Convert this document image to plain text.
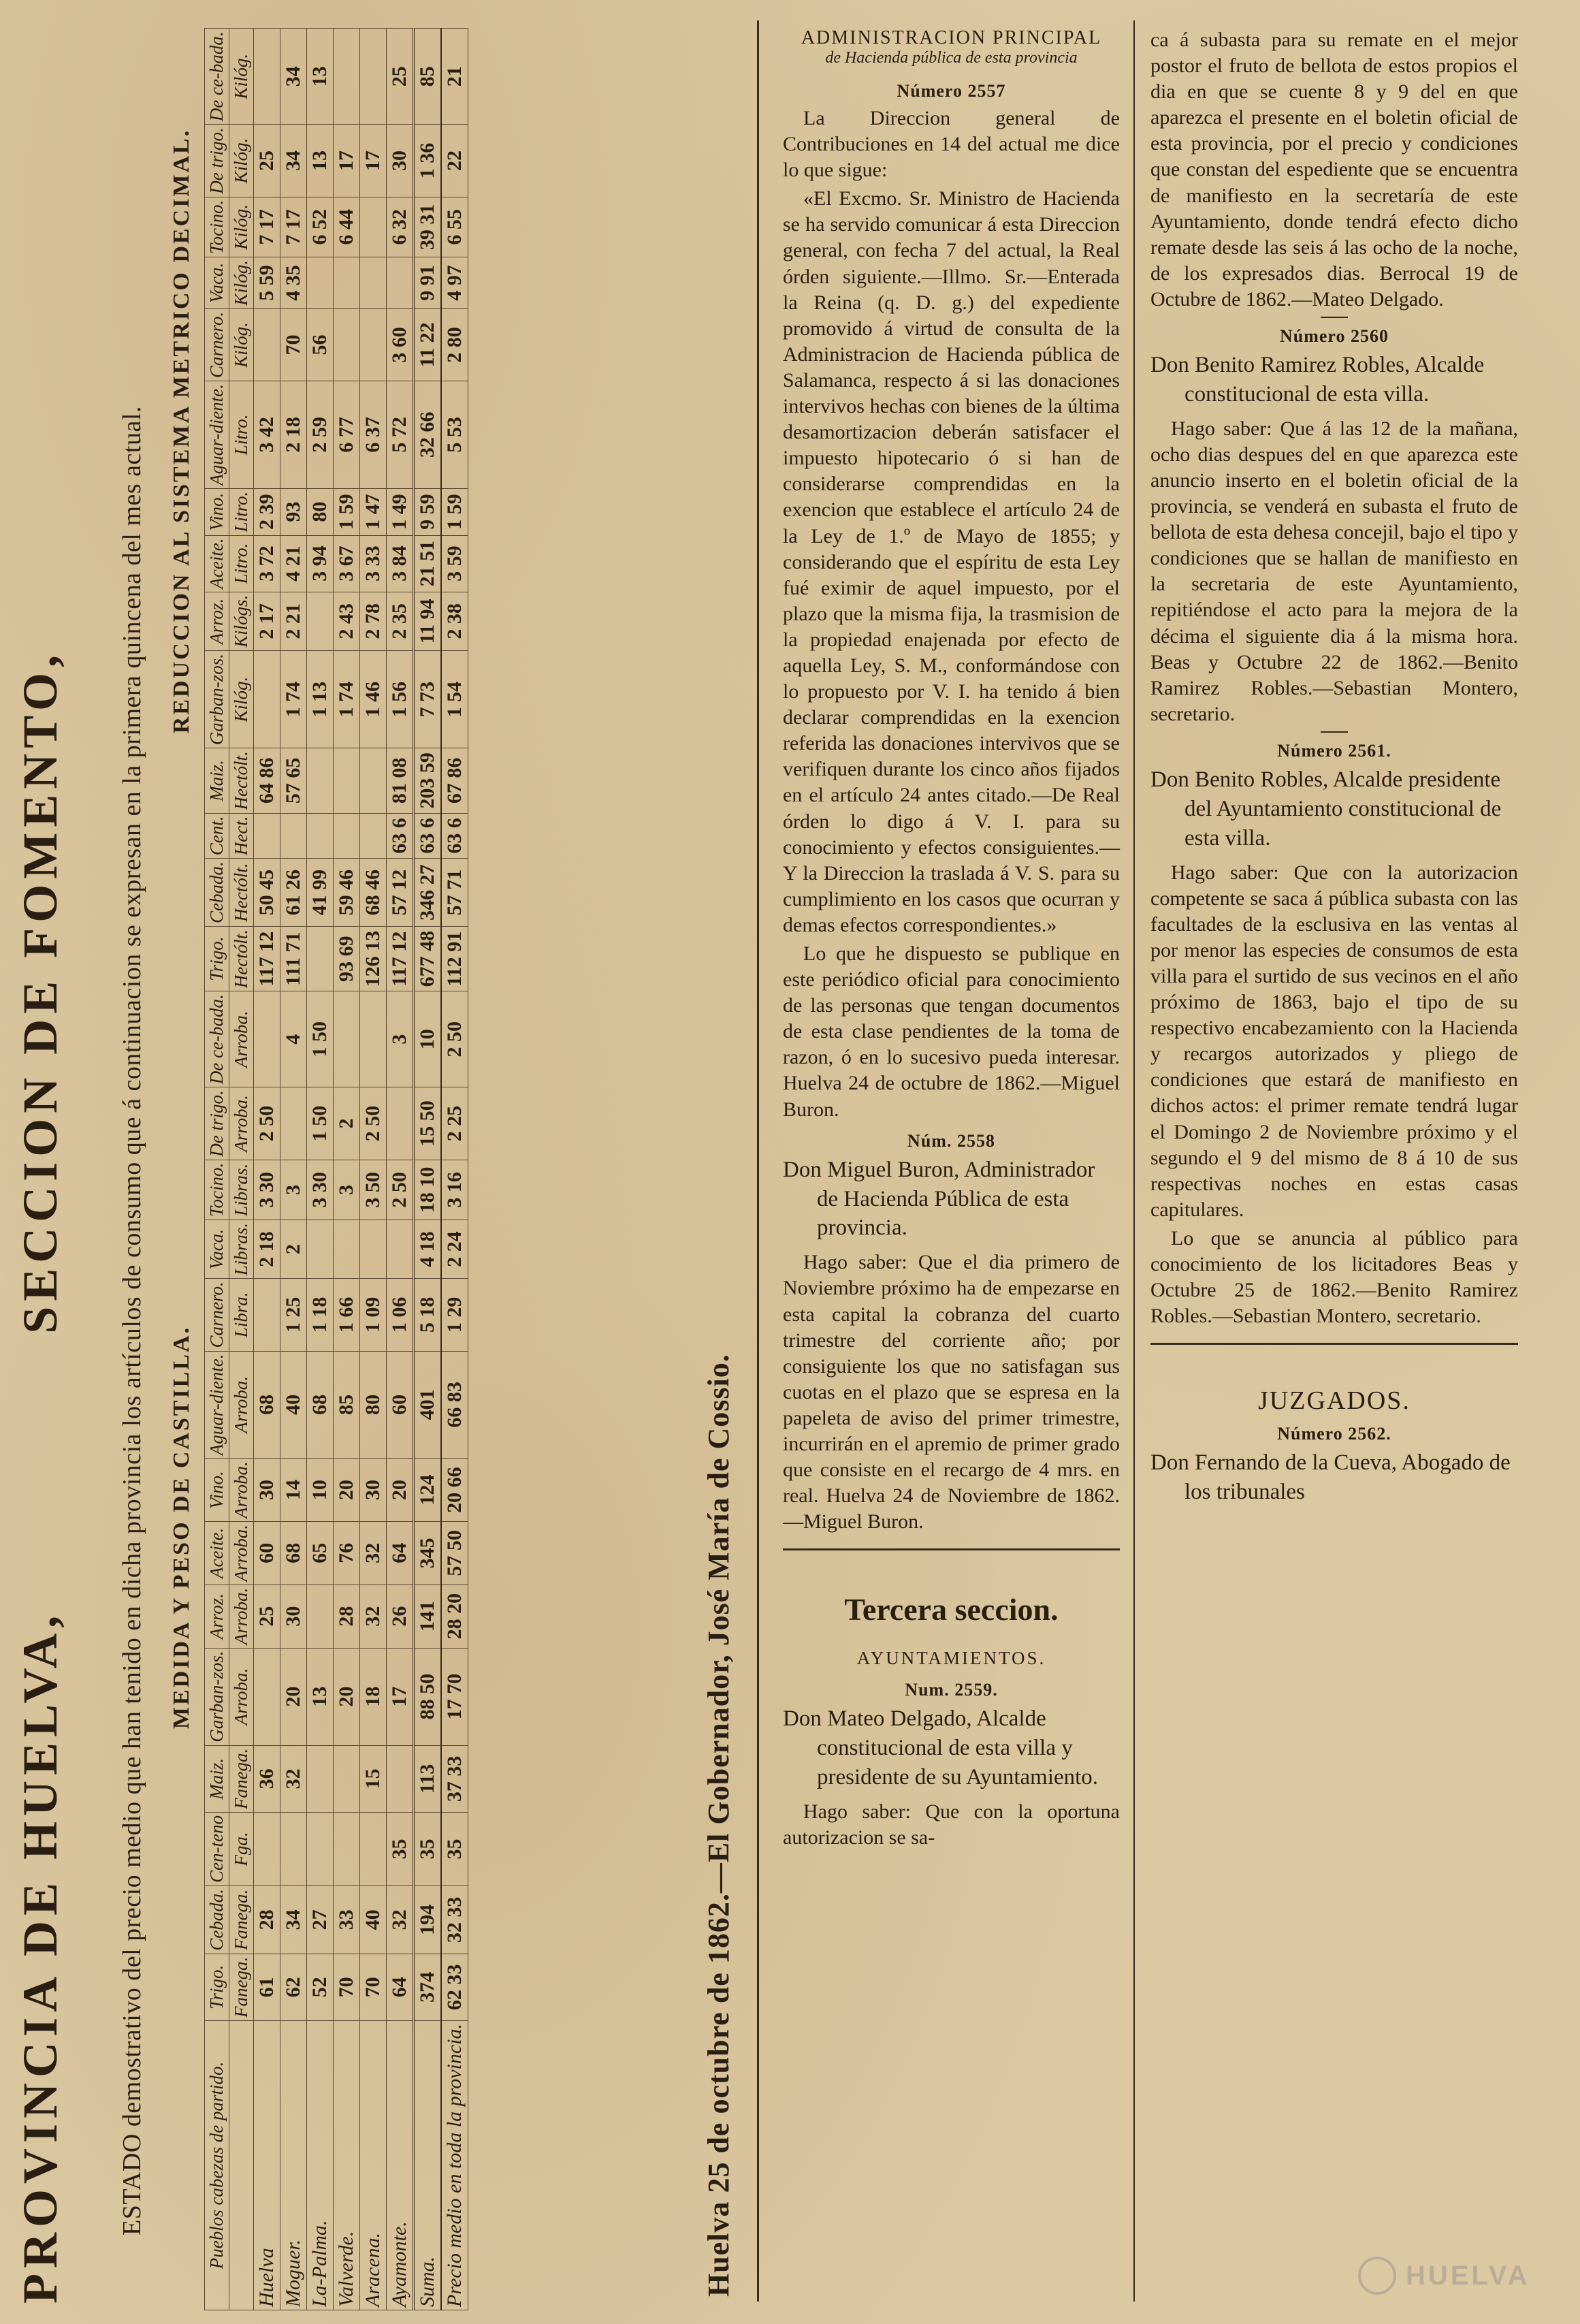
PROVINCIA DE HUELVA, SECCION DE FOMENTO, ESTADO demostrativo del precio medio que han tenido en dicha provincia los artículos de consumo que á continuacion se expresan en la primera quincena del mes actual. MEDIDA Y PESO DE CASTILLA.
REDUCCION AL SISTEMA METRICO DECIMAL.
Pueblos cabezas de partido.	Trigo.	Cebada.	Cen-teno	Maiz.	Garban-zos.	Arroz.	Aceite.	Vino.	Aguar-diente.	Carnero.	Vaca.	Tocino.	De trigo.	De ce-bada.	Trigo.	Cebada.	Cent.	Maiz.	Garban-zos.	Arroz.	Aceite.	Vino.	Aguar-diente.	Carnero.	Vaca.	Tocino.	De trigo.	De ce-bada.
	Fanega.	Fanega.	Fga.	Fanega.	Arroba.	Arroba.	Arroba.	Arroba.	Arroba.	Libra.	Libras.	Libras.	Arroba.	Arroba.	Hectólt.	Hectólt.	Hect.	Hectólt.	Kilóg.	Kilógs.	Litro.	Litro.	Litro.	Kilóg.	Kilóg.	Kilóg.	Kilóg.	Kilóg.
Huelva	61	28		36		25	60	30	68		2 18	3 30	2 50		117 12	50 45		64 86		2 17	3 72	2 39	3 42		5 59	7 17	25	
Moguer.	62	34		32	20	30	68	14	40	1 25	2	3		4	111 71	61 26		57 65	1 74	2 21	4 21	93	2 18	70	4 35	7 17	34	34
La-Palma.	52	27			13		65	10	68	1 18		3 30	1 50	1 50		41 99			1 13		3 94	80	2 59	56		6 52	13	13
Valverde.	70	33			20	28	76	20	85	1 66		3	2		93 69	59 46			1 74	2 43	3 67	1 59	6 77			6 44	17	
Aracena.	70	40		15	18	32	32	30	80	1 09		3 50	2 50		126 13	68 46			1 46	2 78	3 33	1 47	6 37				17	
Ayamonte.	64	32	35		17	26	64	20	60	1 06		2 50		3	117 12	57 12	63 6	81 08	1 56	2 35	3 84	1 49	5 72	3 60		6 32	30	25
Suma.	374	194	35	113	88 50	141	345	124	401	5 18	4 18	18 10	15 50	10	677 48	346 27	63 6	203 59	7 73	11 94	21 51	9 59	32 66	11 22	9 91	39 31	1 36	85
Precio medio en toda la provincia.	62 33	32 33	35	37 33	17 70	28 20	57 50	20 66	66 83	1 29	2 24	3 16	2 25	2 50	112 91	57 71	63 6	67 86	1 54	2 38	3 59	1 59	5 53	2 80	4 97	6 55	22	21
Huelva 25 de octubre de 1862.—El Gobernador, José María de Cossio.

ADMINISTRACION PRINCIPAL

de Hacienda pública de esta provincia

Número 2557

La Direccion general de Contribuciones en 14 del actual me dice lo que sigue:

«El Excmo. Sr. Ministro de Hacienda se ha servido comunicar á esta Direccion general, con fecha 7 del actual, la Real órden siguiente.—Illmo. Sr.—Enterada la Reina (q. D. g.) del expediente promovido á virtud de consulta de la Administracion de Hacienda pública de Salamanca, respecto á si las donaciones intervivos hechas con bienes de la última desamortizacion deberán satisfacer el impuesto hipotecario ó si han de considerarse comprendidas en la exencion que establece el artículo 24 de la Ley de 1.º de Mayo de 1855; y considerando que el espíritu de esta Ley fué eximir de aquel impuesto, por el plazo que la misma fija, la trasmision de la propiedad enajenada por efecto de aquella Ley, S. M., conformándose con lo propuesto por V. I. ha tenido á bien declarar comprendidas en la exencion referida las donaciones intervivos que se verifiquen durante los cinco años fijados en el artículo 24 antes citado.—De Real órden lo digo á V. I. para su conocimiento y efectos consiguientes.—Y la Direccion la traslada á V. S. para su cumplimiento en los casos que ocurran y demas efectos correspondientes.»

Lo que he dispuesto se publique en este periódico oficial para conocimiento de las personas que tengan documentos de esta clase pendientes de la toma de razon, ó en lo sucesivo pueda interesar. Huelva 24 de octubre de 1862.—Miguel Buron.

Núm. 2558

Don Miguel Buron, Administrador de Hacienda Pública de esta provincia.

Hago saber: Que el dia primero de Noviembre próximo ha de empezarse en esta capital la cobranza del cuarto trimestre del corriente año; por consiguiente los que no satisfagan sus cuotas en el plazo que se espresa en la papeleta de aviso del primer trimestre, incurrirán en el apremio de primer grado que consiste en el recargo de 4 mrs. en real. Huelva 24 de Noviembre de 1862.—Miguel Buron.

Tercera seccion.

AYUNTAMIENTOS.

Num. 2559.

Don Mateo Delgado, Alcalde constitucional de esta villa y presidente de su Ayuntamiento.

Hago saber: Que con la oportuna autorizacion se sa-

ca á subasta para su remate en el mejor postor el fruto de bellota de estos propios el dia en que se cuente 8 y 9 del en que aparezca el presente en el boletin oficial de esta provincia, por el precio y condiciones que constan del espediente que se encuentra de manifiesto en la secretaría de este Ayuntamiento, donde tendrá efecto dicho remate desde las seis á las ocho de la noche, de los expresados dias. Berrocal 19 de Octubre de 1862.—Mateo Delgado.

Número 2560

Don Benito Ramirez Robles, Alcalde constitucional de esta villa.

Hago saber: Que á las 12 de la mañana, ocho dias despues del en que aparezca este anuncio inserto en el boletin oficial de la provincia, se venderá en subasta el fruto de bellota de esta dehesa concejil, bajo el tipo y condiciones que se hallan de manifiesto en la secretaria de este Ayuntamiento, repitiéndose el acto para la mejora de la décima el siguiente dia á la misma hora. Beas y Octubre 22 de 1862.—Benito Ramirez Robles.—Sebastian Montero, secretario.

Número 2561.

Don Benito Robles, Alcalde presidente del Ayuntamiento constitucional de esta villa.

Hago saber: Que con la autorizacion competente se saca á pública subasta con las facultades de la esclusiva en las ventas al por menor las especies de consumos de esta villa para el surtido de sus vecinos en el año próximo de 1863, bajo el tipo de su respectivo encabezamiento con la Hacienda y recargos autorizados y pliego de condiciones que estará de manifiesto en dichos actos: el primer remate tendrá lugar el Domingo 2 de Noviembre próximo y el segundo el 9 del mismo de 8 á 10 de sus respectivas noches en estas casas capitulares.

Lo que se anuncia al público para conocimiento de los licitadores Beas y Octubre 25 de 1862.—Benito Ramirez Robles.—Sebastian Montero, secretario.

JUZGADOS.

Número 2562.

Don Fernando de la Cueva, Abogado de los tribunales

HUELVA
